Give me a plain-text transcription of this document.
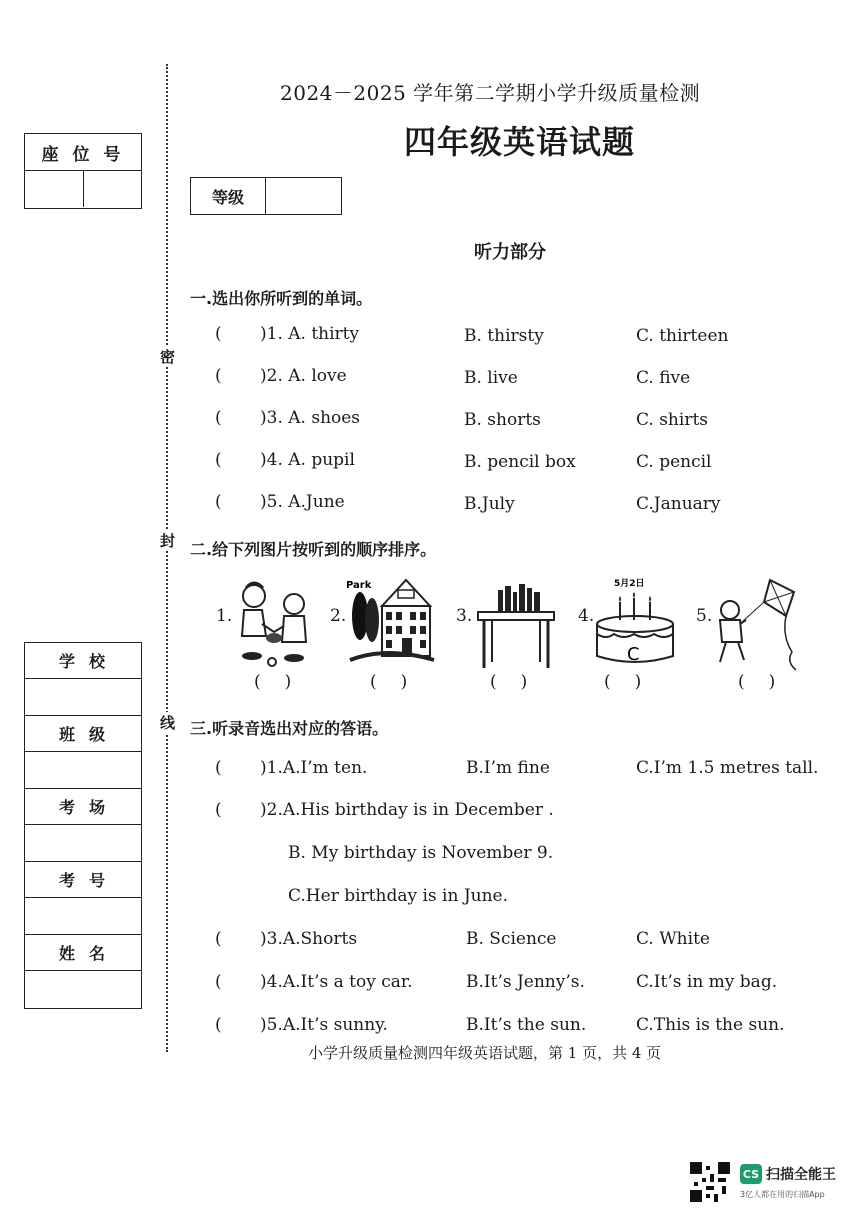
座 位 号
密
封
线
学校
班级
考场
考号
姓名
2024－2025 学年第二学期小学升级质量检测
四年级英语试题
等级
听力部分
一.选出你所听到的单词。
( )1. A. thirty	B. thirsty	C. thirteen
( )2. A. love	B. live	C. five
( )3. A. shoes	B. shorts	C. shirts
( )4. A. pupil	B. pencil box	C. pencil
( )5. A.June	B.July	C.January
二.给下列图片按听到的顺序排序。
1.	2.
Park
3.	4.
5月2日
C
5.
()	()	()	()	()
三.听录音选出对应的答语。
( )1.A.I’m ten.	B.I’m fine	C.I’m 1.5 metres tall.
( )2.A.His birthday is in December .
B. My birthday is November 9.
C.Her birthday is in June.
( )3.A.Shorts	B. Science	C. White
( )4.A.It’s a toy car.	B.It’s Jenny’s.	C.It’s in my bag.
( )5.A.It’s sunny.	B.It’s the sun.	C.This is the sun.
小学升级质量检测四年级英语试题，第 1 页，共 4 页
CS 扫描全能王
3亿人都在用的扫描App
